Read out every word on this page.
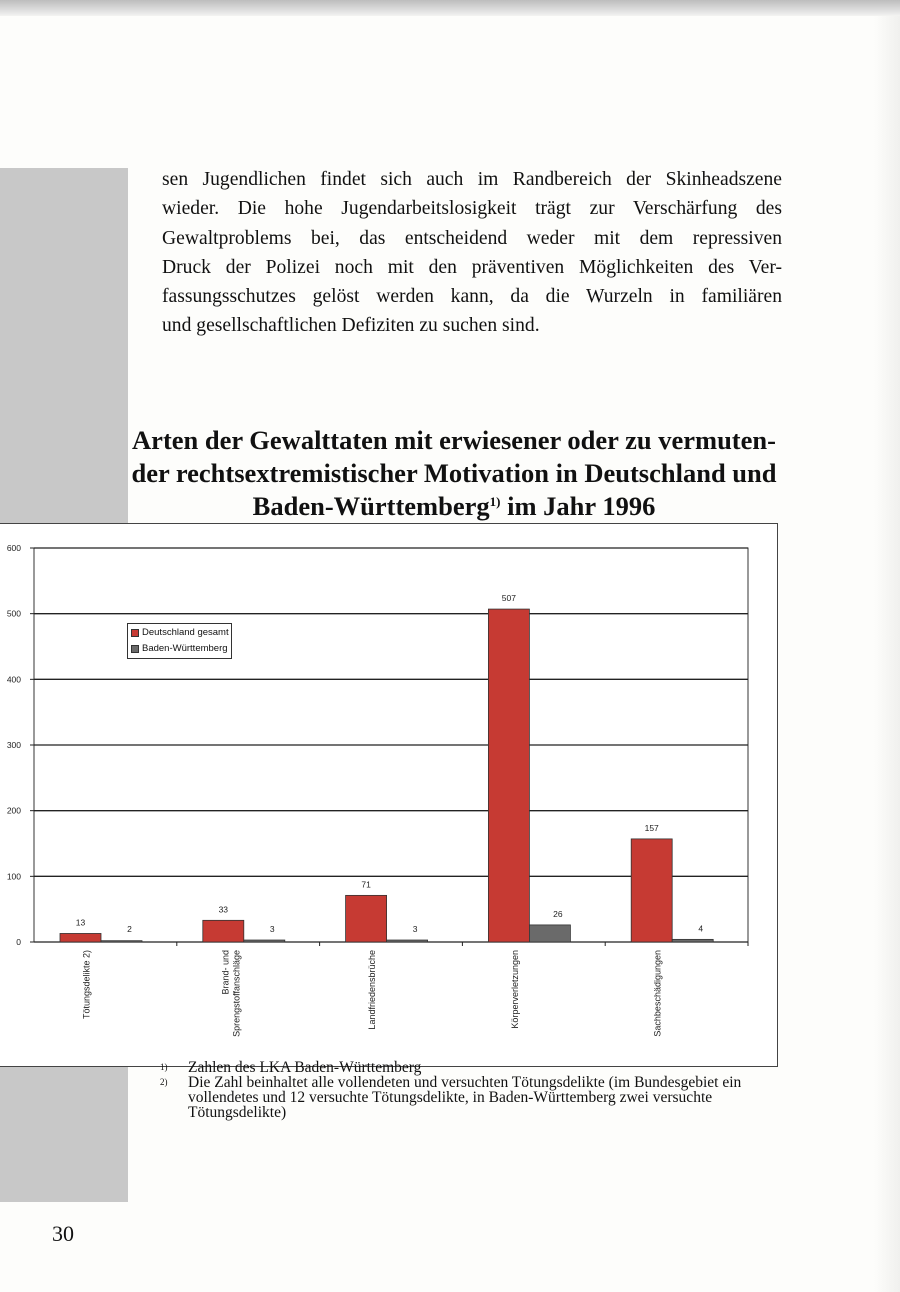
sen Jugendlichen findet sich auch im Randbereich der Skinheadszene
wieder. Die hohe Jugendarbeitslosigkeit trägt zur Verschärfung des
Gewaltproblems bei, das entscheidend weder mit dem repressiven
Druck der Polizei noch mit den präventiven Möglichkeiten des Ver-
fassungsschutzes gelöst werden kann, da die Wurzeln in familiären
und gesellschaftlichen Defiziten zu suchen sind.
Arten der Gewalttaten mit erwiesener oder zu vermuten-
der rechtsextremistischer Motivation in Deutschland und
Baden-Württemberg$^{1)}$ im Jahr 1996
0
100
200
300
400
500
600
13
2
Tötungsdelikte 2)
33
3
Brand- und Sprengstoffanschläge
71
3
Landfriedensbrüche
507
26
Körperverletzungen
157
4
Sachbeschädigungen
Deutschland gesamt
Baden-Württemberg
1)	Zahlen des LKA Baden-Württemberg
2)	Die Zahl beinhaltet alle vollendeten und versuchten Tötungsdelikte (im Bundesgebiet ein vollendetes und 12 versuchte Tötungsdelikte, in Baden-Württemberg zwei versuchte Tötungsdelikte)
30
